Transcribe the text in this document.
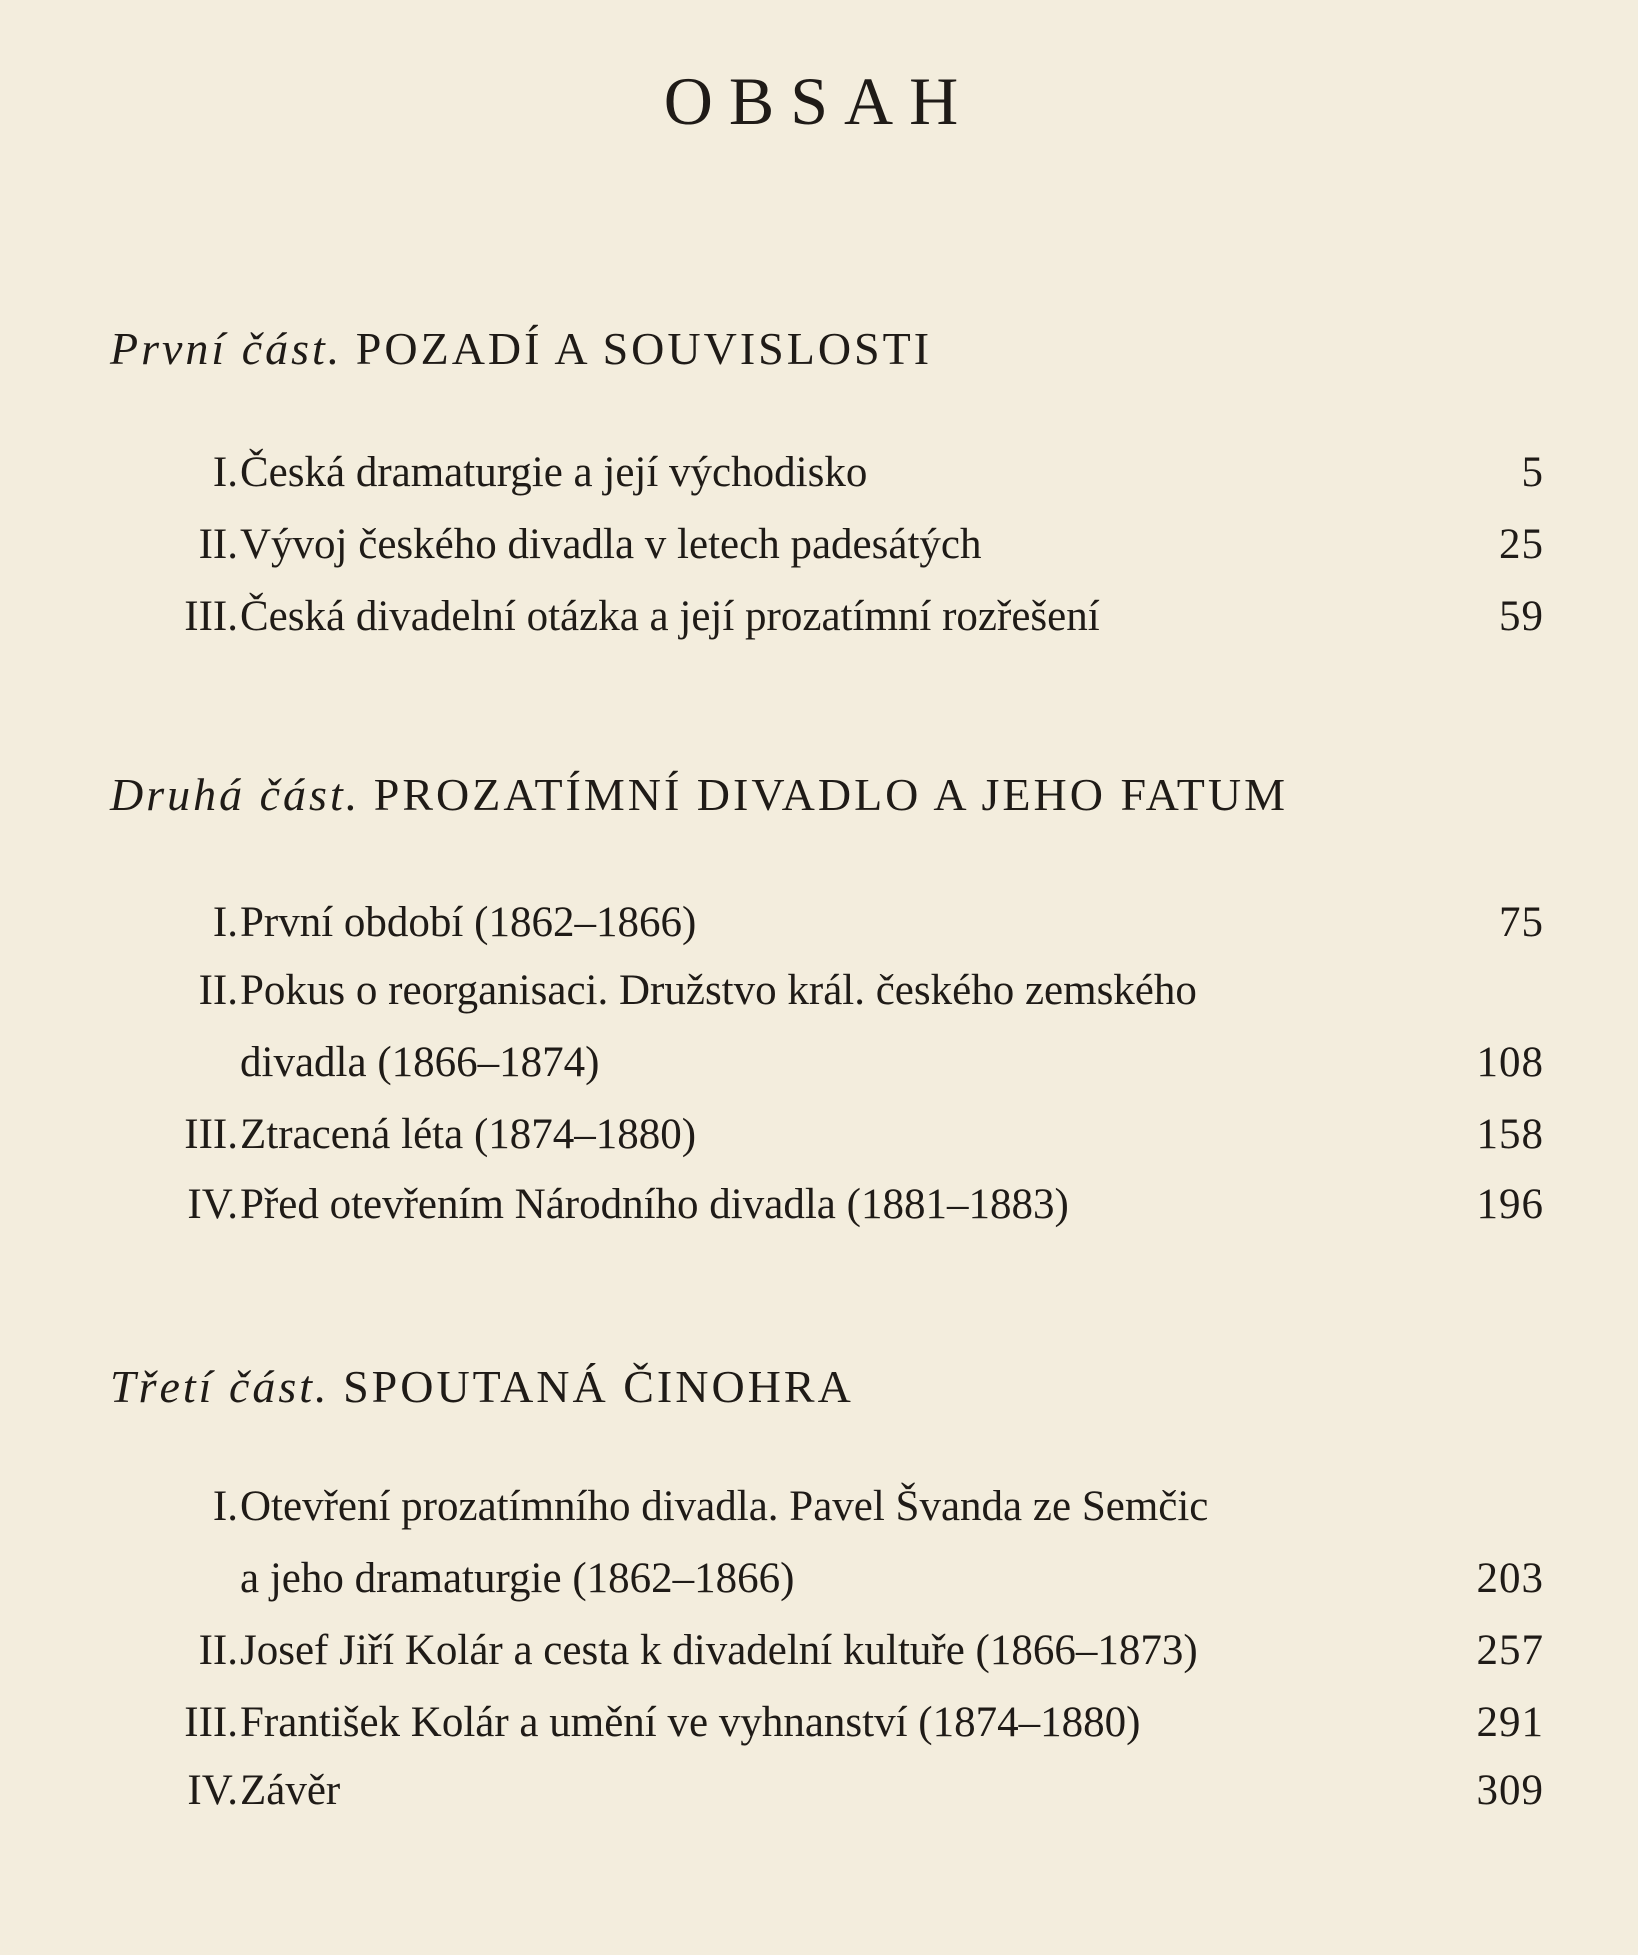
OBSAH
První část. POZADÍ A SOUVISLOSTI
I. Česká dramaturgie a její východisko	5
II. Vývoj českého divadla v letech padesátých	25
III. Česká divadelní otázka a její prozatímní rozřešení	59
Druhá část. PROZATÍMNÍ DIVADLO A JEHO FATUM
I. První období (1862–1866)	75
II. Pokus o reorganisaci. Družstvo král. českého zemského
divadla (1866–1874)	108
III. Ztracená léta (1874–1880)	158
IV. Před otevřením Národního divadla (1881–1883)	196
Třetí část. SPOUTANÁ ČINOHRA
I. Otevření prozatímního divadla. Pavel Švanda ze Semčic
a jeho dramaturgie (1862–1866)	203
II. Josef Jiří Kolár a cesta k divadelní kultuře (1866–1873)	257
III. František Kolár a umění ve vyhnanství (1874–1880)	291
IV. Závěr	309
